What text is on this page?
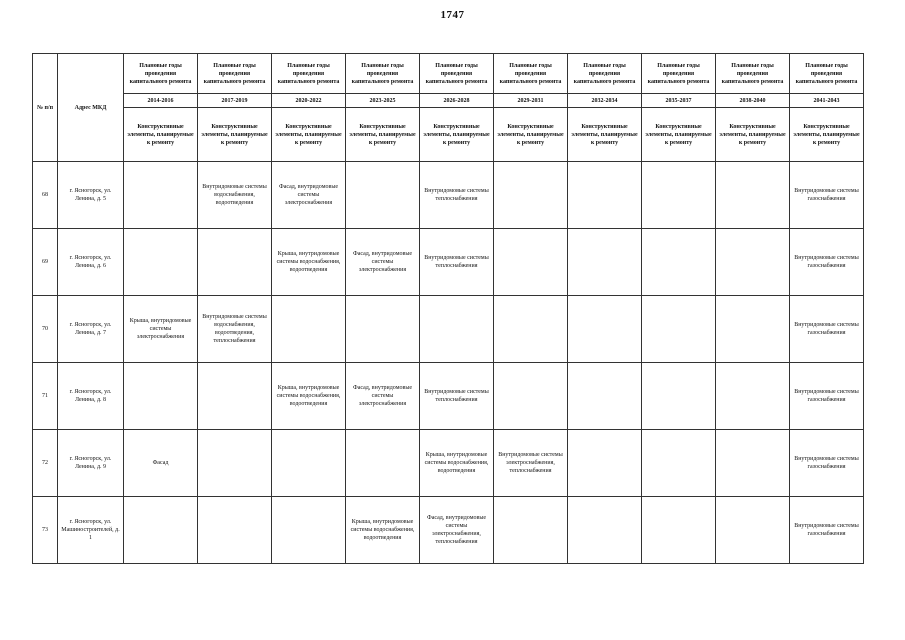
1747
№ п/п	Адрес МКД	Плановые годы проведения капитального ремонта	Плановые годы проведения капитального ремонта	Плановые годы проведения капитального ремонта	Плановые годы проведения капитального ремонта	Плановые годы проведения капитального ремонта	Плановые годы проведения капитального ремонта	Плановые годы проведения капитального ремонта	Плановые годы проведения капитального ремонта	Плановые годы проведения капитального ремонта	Плановые годы проведения капитального ремонта
		2014-2016	2017-2019	2020-2022	2023-2025	2026-2028	2029-2031	2032-2034	2035-2037	2038-2040	2041-2043
		Конструктивные элементы, планируемые к ремонту	Конструктивные элементы, планируемые к ремонту	Конструктивные элементы, планируемые к ремонту	Конструктивные элементы, планируемые к ремонту	Конструктивные элементы, планируемые к ремонту	Конструктивные элементы, планируемые к ремонту	Конструктивные элементы, планируемые к ремонту	Конструктивные элементы, планируемые к ремонту	Конструктивные элементы, планируемые к ремонту	Конструктивные элементы, планируемые к ремонту
68	г. Ясногорск, ул. Ленина, д. 5		Внутридомовые системы водоснабжения, водоотведения	Фасад, внутридомовые системы электроснабжения		Внутридомовые системы теплоснабжения					Внутридомовые системы газоснабжения
69	г. Ясногорск, ул. Ленина, д. 6			Крыша, внутридомовые системы водоснабжения, водоотведения	Фасад, внутридомовые системы электроснабжения	Внутридомовые системы теплоснабжения					Внутридомовые системы газоснабжения
70	г. Ясногорск, ул. Ленина, д. 7	Крыша, внутридомовые системы электроснабжения	Внутридомовые системы водоснабжения, водоотведения, теплоснабжения								Внутридомовые системы газоснабжения
71	г. Ясногорск, ул. Ленина, д. 8			Крыша, внутридомовые системы водоснабжения, водоотведения	Фасад, внутридомовые системы электроснабжения	Внутридомовые системы теплоснабжения					Внутридомовые системы газоснабжения
72	г. Ясногорск, ул. Ленина, д. 9	Фасад				Крыша, внутридомовые системы водоснабжения, водоотведения	Внутридомовые системы электроснабжения, теплоснабжения				Внутридомовые системы газоснабжения
73	г. Ясногорск, ул. Машиностроителей, д. 1				Крыша, внутридомовые системы водоснабжения, водоотведения	Фасад, внутридомовые системы электроснабжения, теплоснабжения					Внутридомовые системы газоснабжения
